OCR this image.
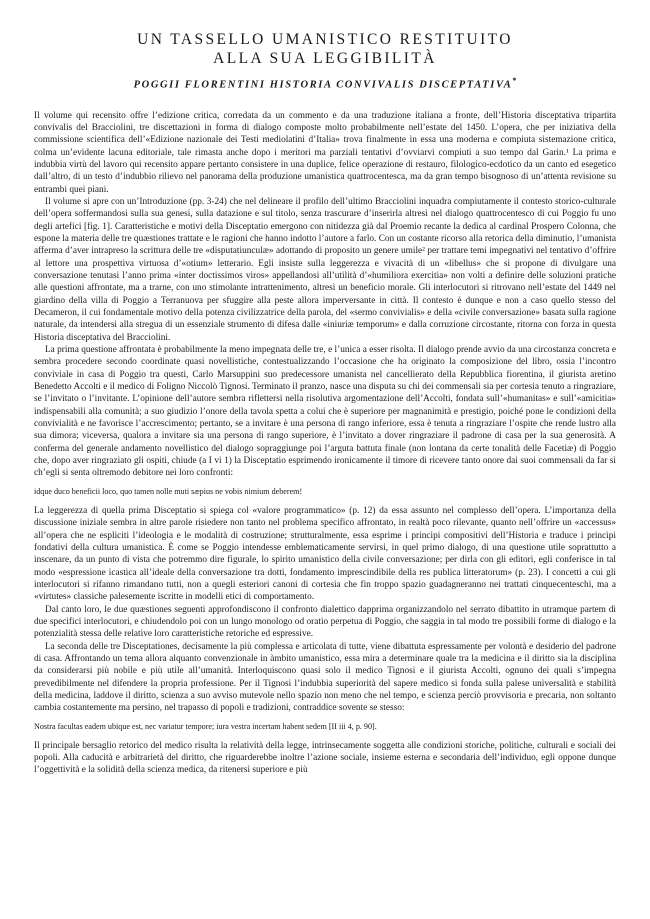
UN TASSELLO UMANISTICO RESTITUITO
ALLA SUA LEGGIBILITÀ
POGGII FLORENTINI HISTORIA CONVIVALIS DISCEPTATIVA*

Il volume qui recensito offre l’edizione critica, corredata da un commento e da una traduzione italiana a fronte, dell’Historia disceptativa tripartita convivalis del Bracciolini, tre discettazioni in forma di dialogo composte molto probabilmente nell’estate del 1450. L’opera, che per iniziativa della commissione scientifica dell’«Edizione nazionale dei Testi mediolatini d’Italia» trova finalmente in essa una moderna e compiuta sistemazione critica, colma un’evidente lacuna editoriale, tale rimasta anche dopo i meritori ma parziali tentativi d’ovviarvi compiuti a suo tempo dal Garin.¹ La prima e indubbia virtù del lavoro qui recensito appare pertanto consistere in una duplice, felice operazione di restauro, filologico-ecdotico da un canto ed esegetico dall’altro, di un testo d’indubbio rilievo nel panorama della produzione umanistica quattrocentesca, ma da gran tempo bisognoso di un’attenta revisione su entrambi quei piani.

Il volume si apre con un’Introduzione (pp. 3-24) che nel delineare il profilo dell’ultimo Bracciolini inquadra compiutamente il contesto storico-culturale dell’opera soffermandosi sulla sua genesi, sulla datazione e sul titolo, senza trascurare d’inserirla altresì nel dialogo quattrocentesco di cui Poggio fu uno degli artefici [fig. 1]. Caratteristiche e motivi della Disceptatio emergono con nitidezza già dal Proemio recante la dedica al cardinal Prospero Colonna, che espone la materia delle tre quæstiones trattate e le ragioni che hanno indotto l’autore a farlo. Con un costante ricorso alla retorica della diminutio, l’umanista afferma d’aver intrapreso la scrittura delle tre «disputatiunculæ» adottando di proposito un genere umile² per trattare temi impegnativi nel tentativo d’offrire al lettore una prospettiva virtuosa d’«otium» letterario. Egli insiste sulla leggerezza e vivacità di un «libellus» che si propone di divulgare una conversazione tenutasi l’anno prima «inter doctissimos viros» appellandosi all’utilità d’«humiliora exercitia» non volti a definire delle soluzioni pratiche alle questioni affrontate, ma a trarne, con uno stimolante intrattenimento, altresì un beneficio morale. Gli interlocutori si ritrovano nell’estate del 1449 nel giardino della villa di Poggio a Terranuova per sfuggire alla peste allora imperversante in città. Il contesto è dunque e non a caso quello stesso del Decameron, il cui fondamentale motivo della potenza civilizzatrice della parola, del «sermo convivialis» e della «civile conversazione» basata sulla ragione naturale, da intendersi alla stregua di un essenziale strumento di difesa dalle «iniuriæ temporum» e dalla corruzione circostante, ritorna con forza in questa Historia disceptativa del Bracciolini.

La prima questione affrontata è probabilmente la meno impegnata delle tre, e l’unica a esser risolta. Il dialogo prende avvio da una circostanza concreta e sembra procedere secondo coordinate quasi novellistiche, contestualizzando l’occasione che ha originato la composizione del libro, ossia l’incontro conviviale in casa di Poggio tra questi, Carlo Marsuppini suo predecessore umanista nel cancellierato della Repubblica fiorentina, il giurista aretino Benedetto Accolti e il medico di Foligno Niccolò Tignosi. Terminato il pranzo, nasce una disputa su chi dei commensali sia per cortesia tenuto a ringraziare, se l’invitato o l’invitante. L’opinione dell’autore sembra riflettersi nella risolutiva argomentazione dell’Accolti, fondata sull’«humanitas» e sull’«amicitia» indispensabili alla comunità; a suo giudizio l’onore della tavola spetta a colui che è superiore per magnanimità e prestigio, poiché pone le condizioni della convivialità e ne favorisce l’accrescimento; pertanto, se a invitare è una persona di rango inferiore, essa è tenuta a ringraziare l’ospite che rende lustro alla sua dimora; viceversa, qualora a invitare sia una persona di rango superiore, è l’invitato a dover ringraziare il padrone di casa per la sua generosità. A conferma del generale andamento novellistico del dialogo sopraggiunge poi l’arguta battuta finale (non lontana da certe tonalità delle Facetiæ) di Poggio che, dopo aver ringraziato gli ospiti, chiude (a I vi 1) la Disceptatio esprimendo ironicamente il timore di ricevere tanto onore dai suoi commensali da far sì ch’egli si senta oltremodo debitore nei loro confronti:

idque duco beneficii loco, quo tamen nolle muti sæpius ne vobis nimium deberem!

La leggerezza di quella prima Disceptatio si spiega col «valore programmatico» (p. 12) da essa assunto nel complesso dell’opera. L’importanza della discussione iniziale sembra in altre parole risiedere non tanto nel problema specifico affrontato, in realtà poco rilevante, quanto nell’offrire un «accessus» all’opera che ne espliciti l’ideologia e le modalità di costruzione; strutturalmente, essa esprime i princìpi compositivi dell’Historia e traduce i princìpi fondativi della cultura umanistica. È come se Poggio intendesse emblematicamente servirsi, in quel primo dialogo, di una questione utile soprattutto a inscenare, da un punto di vista che potremmo dire figurale, lo spirito umanistico della civile conversazione; per dirla con gli editori, egli conferisce in tal modo «espressione icastica all’ideale della conversazione tra dotti, fondamento imprescindibile della res publica litteratorum» (p. 23). I concetti a cui gli interlocutori si rifanno rimandano tutti, non a quegli esteriori canoni di cortesia che fin troppo spazio guadagneranno nei trattati cinquecenteschi, ma a «virtutes» classiche palesemente iscritte in modelli etici di comportamento.

Dal canto loro, le due quæstiones seguenti approfondiscono il confronto dialettico dapprima organizzandolo nel serrato dibattito in utramque partem di due specifici interlocutori, e chiudendolo poi con un lungo monologo od oratio perpetua di Poggio, che saggia in tal modo tre possibili forme di dialogo e la potenzialità stessa delle relative loro caratteristiche retoriche ed espressive.

La seconda delle tre Disceptationes, decisamente la più complessa e articolata di tutte, viene dibattuta espressamente per volontà e desiderio del padrone di casa. Affrontando un tema allora alquanto convenzionale in àmbito umanistico, essa mira a determinare quale tra la medicina e il diritto sia la disciplina da considerarsi più nobile e più utile all’umanità. Interloquiscono quasi solo il medico Tignosi e il giurista Accolti, ognuno dei quali s’impegna prevedibilmente nel difendere la propria professione. Per il Tignosi l’indubbia superiorità del sapere medico si fonda sulla palese universalità e stabilità della medicina, laddove il diritto, scienza a suo avviso mutevole nello spazio non meno che nel tempo, e scienza perciò provvisoria e precaria, non soltanto cambia costantemente ma persino, nel trapasso di popoli e tradizioni, contraddice sovente se stesso:

Nostra facultas eadem ubique est, nec variatur tempore; iura vestra incertam habent sedem [II iii 4, p. 90].

Il principale bersaglio retorico del medico risulta la relatività della legge, intrinsecamente soggetta alle condizioni storiche, politiche, culturali e sociali dei popoli. Alla caducità e arbitrarietà del diritto, che riguarderebbe inoltre l’azione sociale, insieme esterna e secondaria dell’individuo, egli oppone dunque l’oggettività e la solidità della scienza medica, da ritenersi superiore e più
